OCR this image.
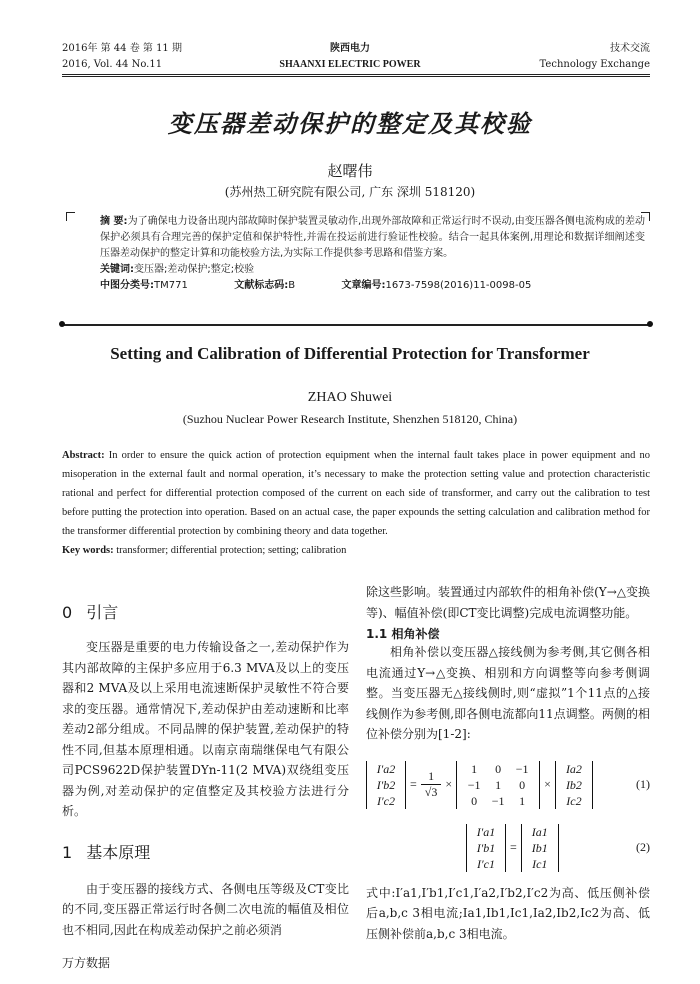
2016年 第 44 卷 第 11 期
2016, Vol. 44 No.11
陕西电力
SHAANXI ELECTRIC POWER
技术交流
Technology Exchange
变压器差动保护的整定及其校验
赵曙伟
(苏州热工研究院有限公司, 广东 深圳 518120)
摘 要:为了确保电力设备出现内部故障时保护装置灵敏动作,出现外部故障和正常运行时不误动,由变压器各侧电流构成的差动保护必须具有合理完善的保护定值和保护特性,并需在投运前进行验证性校验。结合一起具体案例,用理论和数据详细阐述变压器差动保护的整定计算和功能校验方法,为实际工作提供参考思路和借鉴方案。
关键词:变压器;差动保护;整定;校验
中图分类号:TM771	文献标志码:B	文章编号:1673-7598(2016)11-0098-05
Setting and Calibration of Differential Protection for Transformer
ZHAO Shuwei
(Suzhou Nuclear Power Research Institute, Shenzhen 518120, China)
Abstract: In order to ensure the quick action of protection equipment when the internal fault takes place in power equipment and no misoperation in the external fault and normal operation, it’s necessary to make the protection setting value and protection characteristic rational and perfect for differential protection composed of the current on each side of transformer, and carry out the calibration to test before putting the protection into operation. Based on an actual case, the paper expounds the setting calculation and calibration method for the transformer differential protection by combining theory and data together.
Key words: transformer; differential protection; setting; calibration
0 引言
变压器是重要的电力传输设备之一,差动保护作为其内部故障的主保护多应用于6.3 MVA及以上的变压器和2 MVA及以上采用电流速断保护灵敏性不符合要求的变压器。通常情况下,差动保护由差动速断和比率差动2部分组成。不同品牌的保护装置,差动保护的特性不同,但基本原理相通。以南京南瑞继保电气有限公司PCS9622D保护装置DYn-11(2 MVA)双绕组变压器为例,对差动保护的定值整定及其校验方法进行分析。
1 基本原理
由于变压器的接线方式、各侧电压等级及CT变比的不同,变压器正常运行时各侧二次电流的幅值及相位也不相同,因此在构成差动保护之前必须消
除这些影响。装置通过内部软件的相角补偿(Y→△变换等)、幅值补偿(即CT变比调整)完成电流调整功能。
1.1 相角补偿
相角补偿以变压器△接线侧为参考侧,其它侧各相电流通过Y→△变换、相别和方向调整等向参考侧调整。当变压器无△接线侧时,则“虚拟”1个11点的△接线侧作为参考侧,即各侧电流都向11点调整。两侧的相位补偿分别为[1-2]:
I′a2
I′b2
I′c2
= $\frac{1}{√3}$ ×
1	0	−1
−1	1	0
0	−1	1
×
Ia2
Ib2
Ic2
(1)
I′a1
I′b1
I′c1
=
Ia1
Ib1
Ic1
(2)
式中:I′a1,I′b1,I′c1,I′a2,I′b2,I′c2为高、低压侧补偿后a,b,c 3相电流;Ia1,Ib1,Ic1,Ia2,Ib2,Ic2为高、低压侧补偿前a,b,c 3相电流。
万方数据
